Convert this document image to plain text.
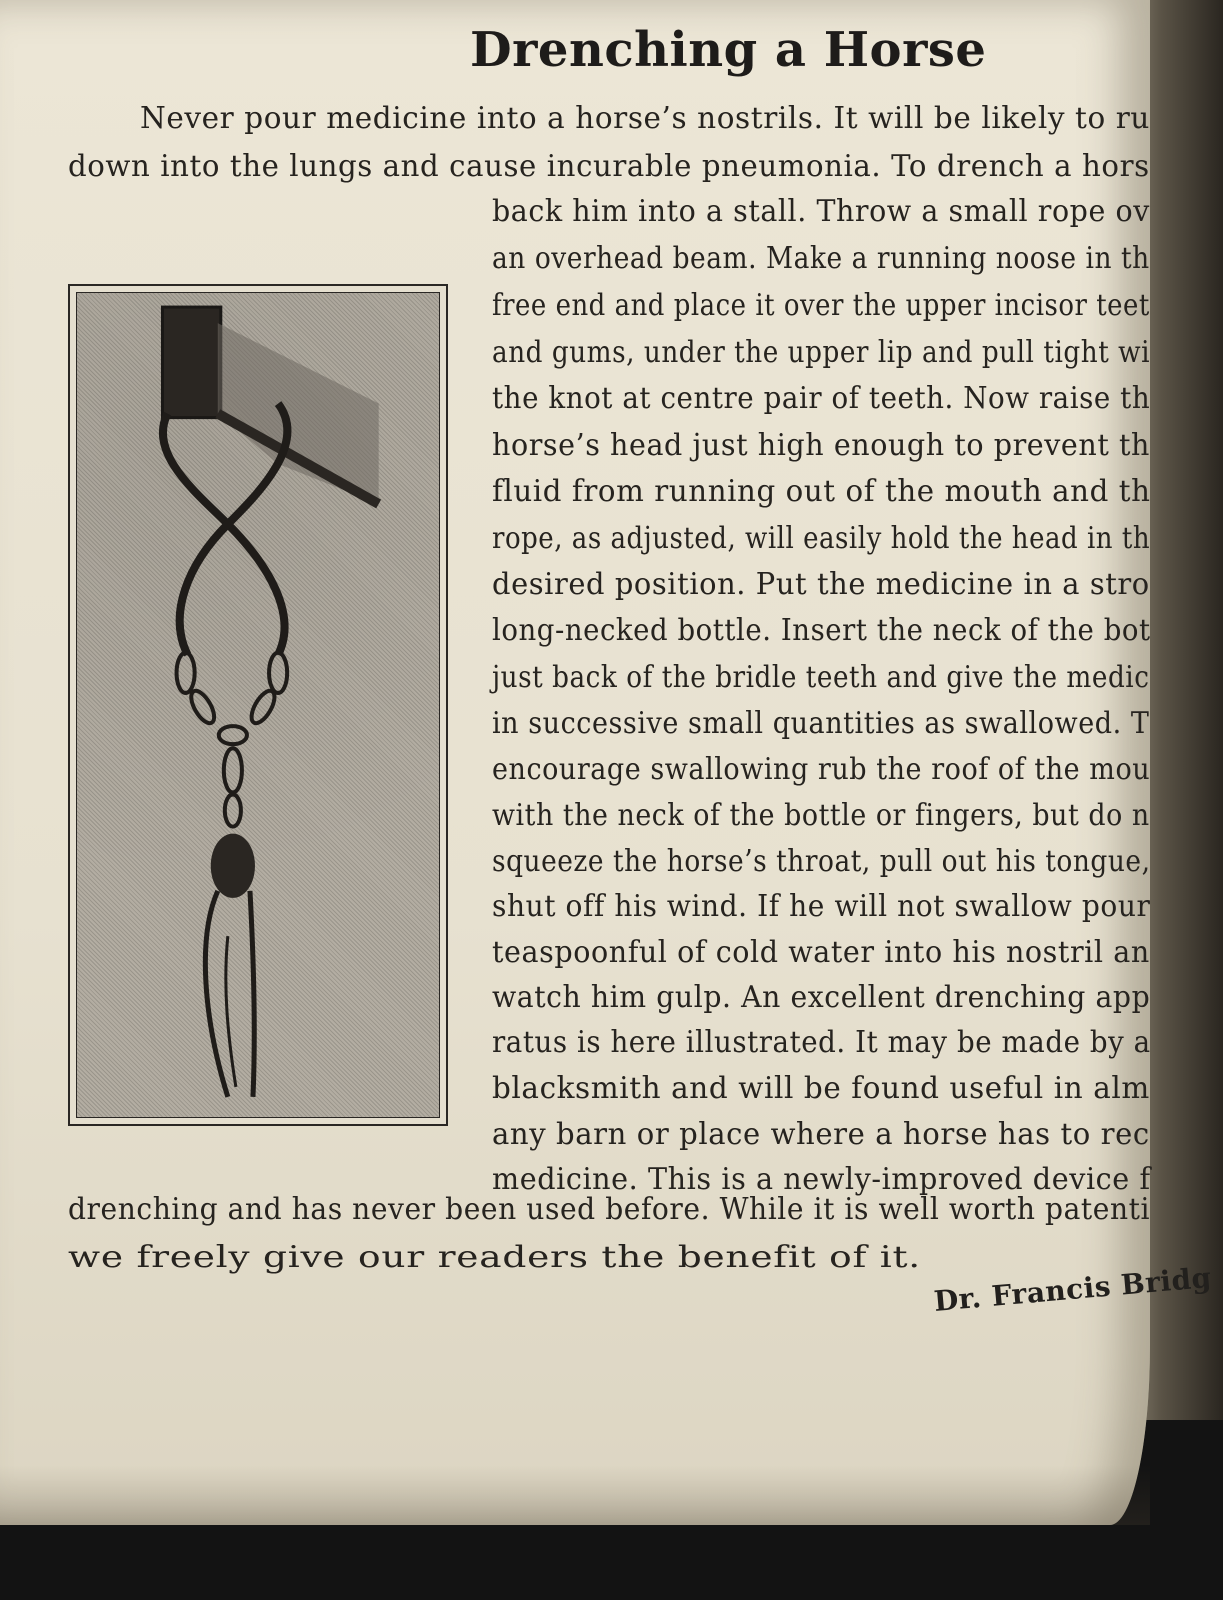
Drenching a Horse
Never pour medicine into a horse’s nostrils. It will be likely to ru
down into the lungs and cause incurable pneumonia. To drench a hors
back him into a stall. Throw a small rope ov
an overhead beam. Make a running noose in th
free end and place it over the upper incisor teet
and gums, under the upper lip and pull tight wi
the knot at centre pair of teeth. Now raise th
horse’s head just high enough to prevent th
fluid from running out of the mouth and th
rope, as adjusted, will easily hold the head in th
desired position. Put the medicine in a stro
long-necked bottle. Insert the neck of the bot
just back of the bridle teeth and give the medic
in successive small quantities as swallowed. T
encourage swallowing rub the roof of the mou
with the neck of the bottle or fingers, but do n
squeeze the horse’s throat, pull out his tongue,
shut off his wind. If he will not swallow pour
teaspoonful of cold water into his nostril an
watch him gulp. An excellent drenching app
ratus is here illustrated. It may be made by a
blacksmith and will be found useful in alm
any barn or place where a horse has to rec
medicine. This is a newly-improved device f
drenching and has never been used before. While it is well worth patenti
we freely give our readers the benefit of it.
Dr. Francis Bridg
